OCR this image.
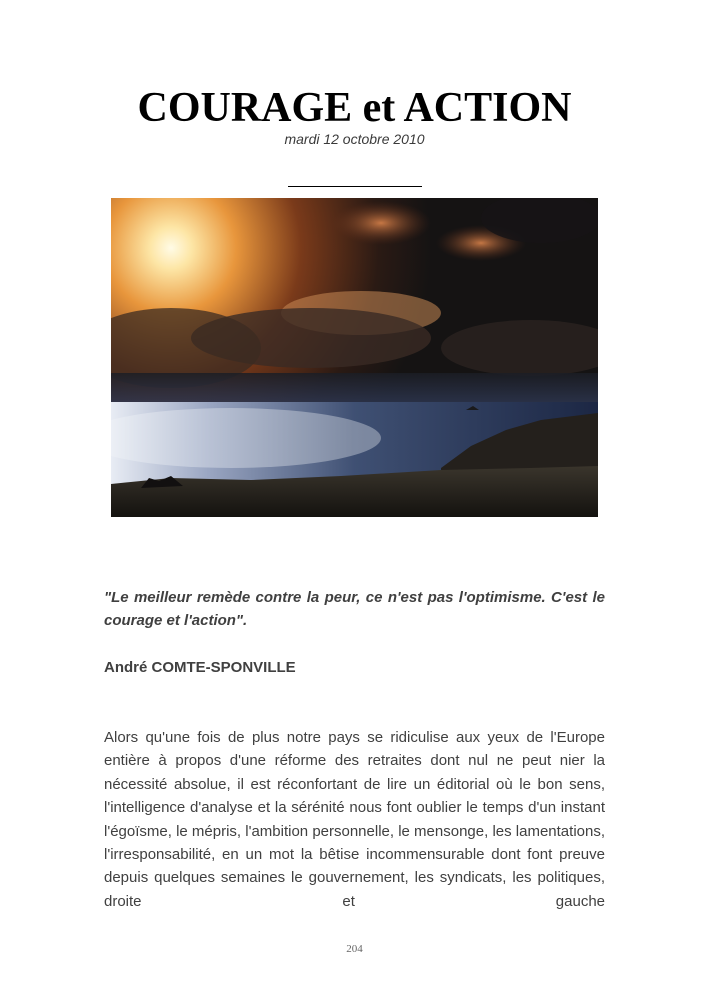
COURAGE et ACTION
mardi 12 octobre 2010

"Le meilleur remède contre la peur, ce n'est pas l'optimisme. C'est le courage et l'action".

André COMTE-SPONVILLE

Alors qu'une fois de plus notre pays se ridiculise aux yeux de l'Europe entière à propos d'une réforme des retraites dont nul ne peut nier la nécessité absolue, il est réconfortant de lire un éditorial où le bon sens, l'intelligence d'analyse et la sérénité nous font oublier le temps d'un instant l'égoïsme, le mépris, l'ambition personnelle, le mensonge, les lamentations, l'irresponsabilité, en un mot la bêtise incommensurable dont font preuve depuis quelques semaines le gouvernement, les syndicats, les politiques, droite et gauche

204
